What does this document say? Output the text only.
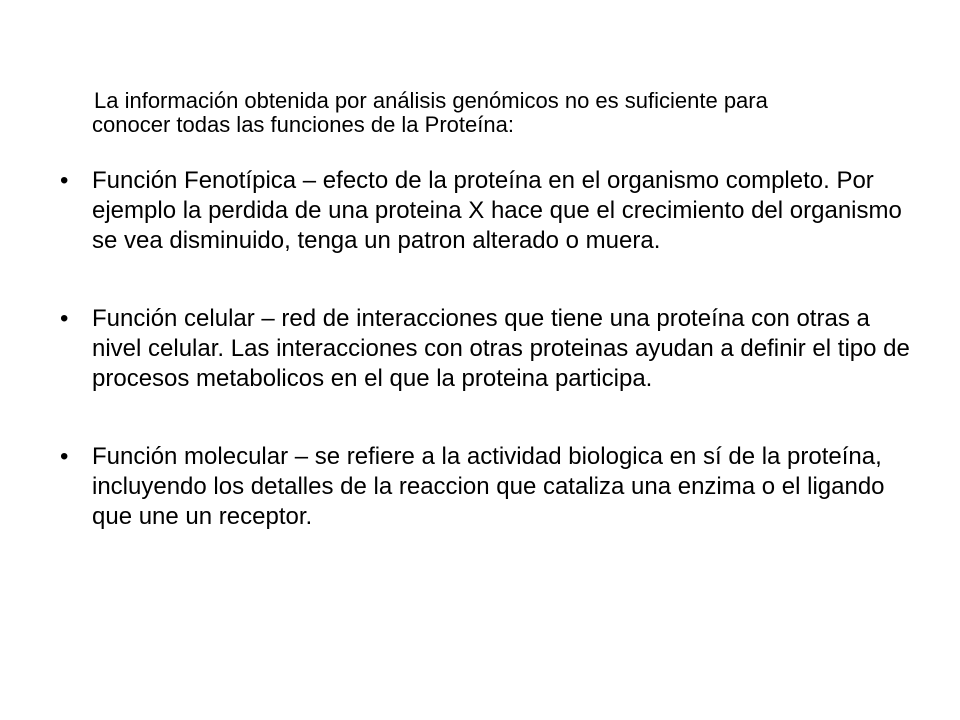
La información obtenida por análisis genómicos no es suficiente para conocer todas las funciones de la Proteína:

• Función Fenotípica – efecto de la proteína en el organismo completo. Por ejemplo la perdida de una proteina X hace que el crecimiento del organismo se vea disminuido, tenga un patron alterado o muera.
• Función celular – red de interacciones que tiene una proteína con otras a nivel celular. Las interacciones con otras proteinas ayudan a definir el tipo de procesos metabolicos en el que la proteina participa.
• Función molecular – se refiere a la actividad biologica en sí de la proteína, incluyendo los detalles de la reaccion que cataliza una enzima o el ligando que une un receptor.
